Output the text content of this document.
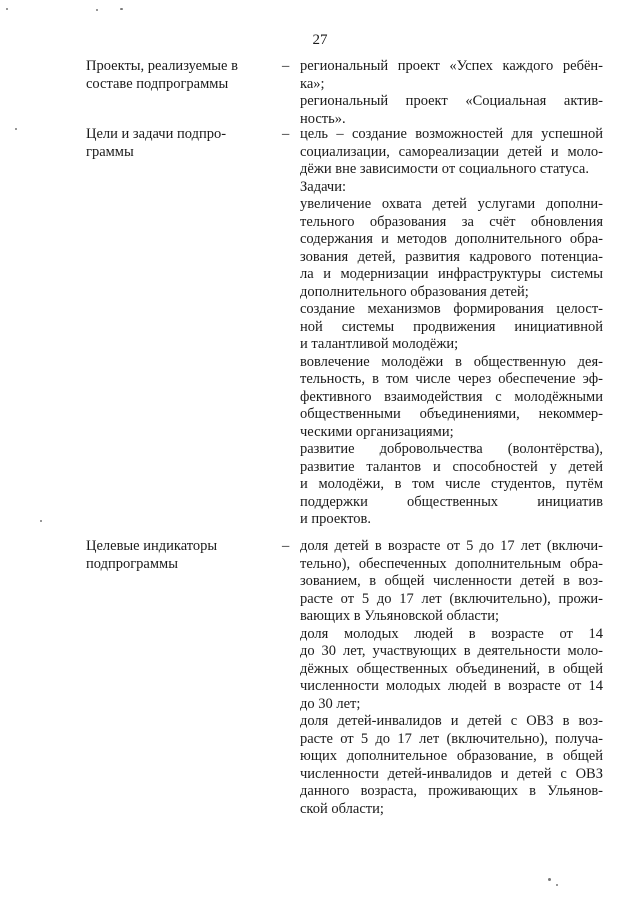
27
Проекты, реализуемые в
составе подпрограммы
– региональный проект «Успех каждого ребён-
ка»;
региональный проект «Социальная актив-
ность».
Цели и задачи подпро-
граммы
– цель – создание возможностей для успешной
социализации, самореализации детей и моло-
дёжи вне зависимости от социального статуса.
Задачи:
увеличение охвата детей услугами дополни-
тельного образования за счёт обновления
содержания и методов дополнительного обра-
зования детей, развития кадрового потенциа-
ла и модернизации инфраструктуры системы
дополнительного образования детей;
создание механизмов формирования целост-
ной системы продвижения инициативной
и талантливой молодёжи;
вовлечение молодёжи в общественную дея-
тельность, в том числе через обеспечение эф-
фективного взаимодействия с молодёжными
общественными объединениями, некоммер-
ческими организациями;
развитие добровольчества (волонтёрства),
развитие талантов и способностей у детей
и молодёжи, в том числе студентов, путём
поддержки общественных инициатив
и проектов.
Целевые индикаторы
подпрограммы
– доля детей в возрасте от 5 до 17 лет (включи-
тельно), обеспеченных дополнительным обра-
зованием, в общей численности детей в воз-
расте от 5 до 17 лет (включительно), прожи-
вающих в Ульяновской области;
доля молодых людей в возрасте от 14
до 30 лет, участвующих в деятельности моло-
дёжных общественных объединений, в общей
численности молодых людей в возрасте от 14
до 30 лет;
доля детей-инвалидов и детей с ОВЗ в воз-
расте от 5 до 17 лет (включительно), получа-
ющих дополнительное образование, в общей
численности детей-инвалидов и детей с ОВЗ
данного возраста, проживающих в Ульянов-
ской области;
